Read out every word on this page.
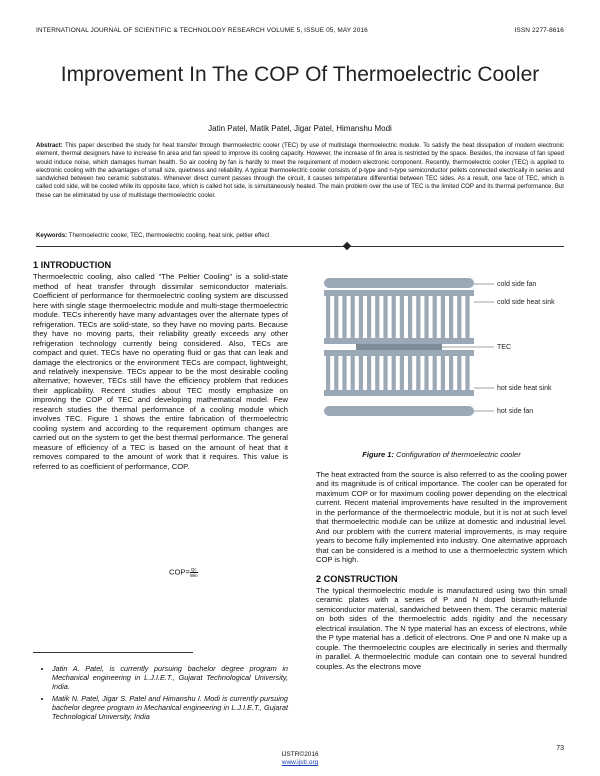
INTERNATIONAL JOURNAL OF SCIENTIFIC & TECHNOLOGY RESEARCH VOLUME 5, ISSUE 05, MAY 2016	ISSN 2277-8616
Improvement In The COP Of Thermoelectric Cooler
Jatin Patel, Matik Patel, Jigar Patel, Himanshu Modi
Abstract: This paper described the study for heat transfer through thermoelectric cooler (TEC) by use of multistage thermoelectric module. To satisfy the heat dissipation of modern electronic element, thermal designers have to increase fin area and fan speed to improve its cooling capacity. However, the increase of fin area is restricted by the space. Besides, the increase of fan speed would induce noise, which damages human health. So air cooling by fan is hardly to meet the requirement of modern electronic component. Recently, thermoelectric cooler (TEC) is applied to electronic cooling with the advantages of small size, quietness and reliability. A typical thermoelectric cooler consists of p-type and n-type semiconductor pellets connected electrically in series and sandwiched between two ceramic substrates. Whenever direct current passes through the circuit, it causes temperature differential between TEC sides. As a result, one face of TEC, which is called cold side, will be cooled while its opposite face, which is called hot side, is simultaneously heated. The main problem over the use of TEC is the limited COP and its thermal performance. But these can be eliminated by use of multistage thermoelectric cooler.
Keywords: Thermoelectric cooler, TEC, thermoelectric cooling, heat sink, peltier effect
1 INTRODUCTION

Thermoelectric cooling, also called "The Peltier Cooling" is a solid-state method of heat transfer through dissimilar semiconductor materials. Coefficient of performance for thermoelectric cooling system are discussed here with single stage thermoelectric module and multi-stage thermoelectric module. TECs inherently have many advantages over the alternate types of refrigeration. TECs are solid-state, so they have no moving parts. Because they have no moving parts, their reliability greatly exceeds any other refrigeration technology currently being considered. Also, TECs are compact and quiet. TECs have no operating fluid or gas that can leak and damage the electronics or the environment TECs are compact, lightweight, and relatively inexpensive. TECs appear to be the most desirable cooling alternative; however, TECs still have the efficiency problem that reduces their applicability. Recent studies about TEC mostly emphasize on improving the COP of TEC and developing mathematical model. Few research studies the thermal performance of a cooling module which involves TEC. Figure 1 shows the entire fabrication of thermoelectric cooling system and according to the requirement optimum changes are carried out on the system to get the best thermal performance. The general measure of efficiency of a TEC is based on the amount of heat that it removes compared to the amount of work that it requires. This value is referred to as coefficient of performance, COP.

$COP= \frac{Qc}{\text{Win}}$
• Jatin A. Patel, is currently pursuing bachelor degree program in Mechanical engineering in L.J.I.E.T., Gujarat Technological University, India.
• Matik N. Patel, Jigar S. Patel and Himanshu I. Modi is currently pursuing bachelor degree program in Mechanical engineering in L.J.I.E.T., Gujarat Technological University, India
cold side fan
cold side heat sink
TEC
hot side heat sink
hot side fan
Figure 1: Configuration of thermoelectric cooler

The heat extracted from the source is also referred to as the cooling power and its magnitude is of critical importance. The cooler can be operated for maximum COP or for maximum cooling power depending on the electrical current. Recent material improvements have resulted in the improvement in the performance of the thermoelectric module, but it is not at such level that thermoelectric module can be utilize at domestic and industrial level. And our problem with the current material improvements, is may require years to become fully implemented into industry. One alternative approach that can be considered is a method to use a thermoelectric system which COP is high.

2 CONSTRUCTION

The typical thermoelectric module is manufactured using two thin small ceramic plates with a series of P and N doped bismuth-telluride semiconductor material, sandwiched between them. The ceramic material on both sides of the thermoelectric adds rigidity and the necessary electrical insulation. The N type material has an excess of electrons, while the P type material has a .deficit of electrons. One P and one N make up a couple. The thermoelectric couples are electrically in series and thermally in parallel. A thermoelectric module can contain one to several hundred couples. As the electrons move

73
IJSTR©2016
www.ijstr.org
